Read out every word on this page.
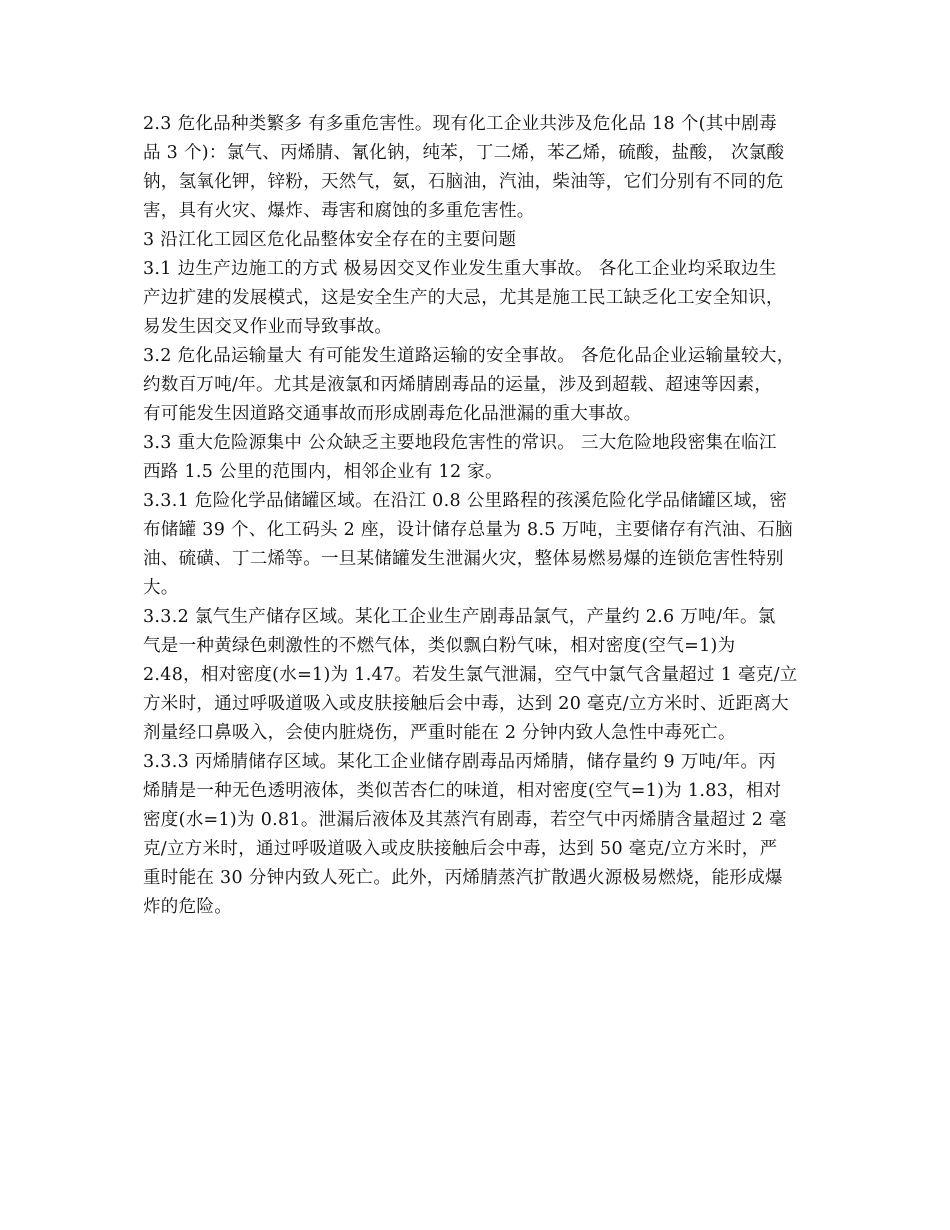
2.3 危化品种类繁多 有多重危害性。现有化工企业共涉及危化品 18 个(其中剧毒
品 3 个)：氯气、丙烯腈、氰化钠，纯苯，丁二烯，苯乙烯，硫酸，盐酸， 次氯酸
钠，氢氧化钾，锌粉，天然气，氨，石脑油，汽油，柴油等，它们分别有不同的危
害，具有火灾、爆炸、毒害和腐蚀的多重危害性。
3 沿江化工园区危化品整体安全存在的主要问题
3.1 边生产边施工的方式 极易因交叉作业发生重大事故。 各化工企业均采取边生
产边扩建的发展模式，这是安全生产的大忌，尤其是施工民工缺乏化工安全知识，
易发生因交叉作业而导致事故。
3.2 危化品运输量大 有可能发生道路运输的安全事故。 各危化品企业运输量较大，
约数百万吨/年。尤其是液氯和丙烯腈剧毒品的运量，涉及到超载、超速等因素，
有可能发生因道路交通事故而形成剧毒危化品泄漏的重大事故。
3.3 重大危险源集中 公众缺乏主要地段危害性的常识。 三大危险地段密集在临江
西路 1.5 公里的范围内，相邻企业有 12 家。
3.3.1 危险化学品储罐区域。在沿江 0.8 公里路程的孩溪危险化学品储罐区域，密
布储罐 39 个、化工码头 2 座，设计储存总量为 8.5 万吨，主要储存有汽油、石脑
油、硫磺、丁二烯等。一旦某储罐发生泄漏火灾，整体易燃易爆的连锁危害性特别
大。
3.3.2 氯气生产储存区域。某化工企业生产剧毒品氯气，产量约 2.6 万吨/年。氯
气是一种黄绿色刺激性的不燃气体，类似飘白粉气味，相对密度(空气=1)为
2.48，相对密度(水=1)为 1.47。若发生氯气泄漏，空气中氯气含量超过 1 毫克/立
方米时，通过呼吸道吸入或皮肤接触后会中毒，达到 20 毫克/立方米时、近距离大
剂量经口鼻吸入，会使内脏烧伤，严重时能在 2 分钟内致人急性中毒死亡。
3.3.3 丙烯腈储存区域。某化工企业储存剧毒品丙烯腈，储存量约 9 万吨/年。丙
烯腈是一种无色透明液体，类似苦杏仁的味道，相对密度(空气=1)为 1.83，相对
密度(水=1)为 0.81。泄漏后液体及其蒸汽有剧毒，若空气中丙烯腈含量超过 2 毫
克/立方米时，通过呼吸道吸入或皮肤接触后会中毒，达到 50 毫克/立方米时，严
重时能在 30 分钟内致人死亡。此外，丙烯腈蒸汽扩散遇火源极易燃烧，能形成爆
炸的危险。
